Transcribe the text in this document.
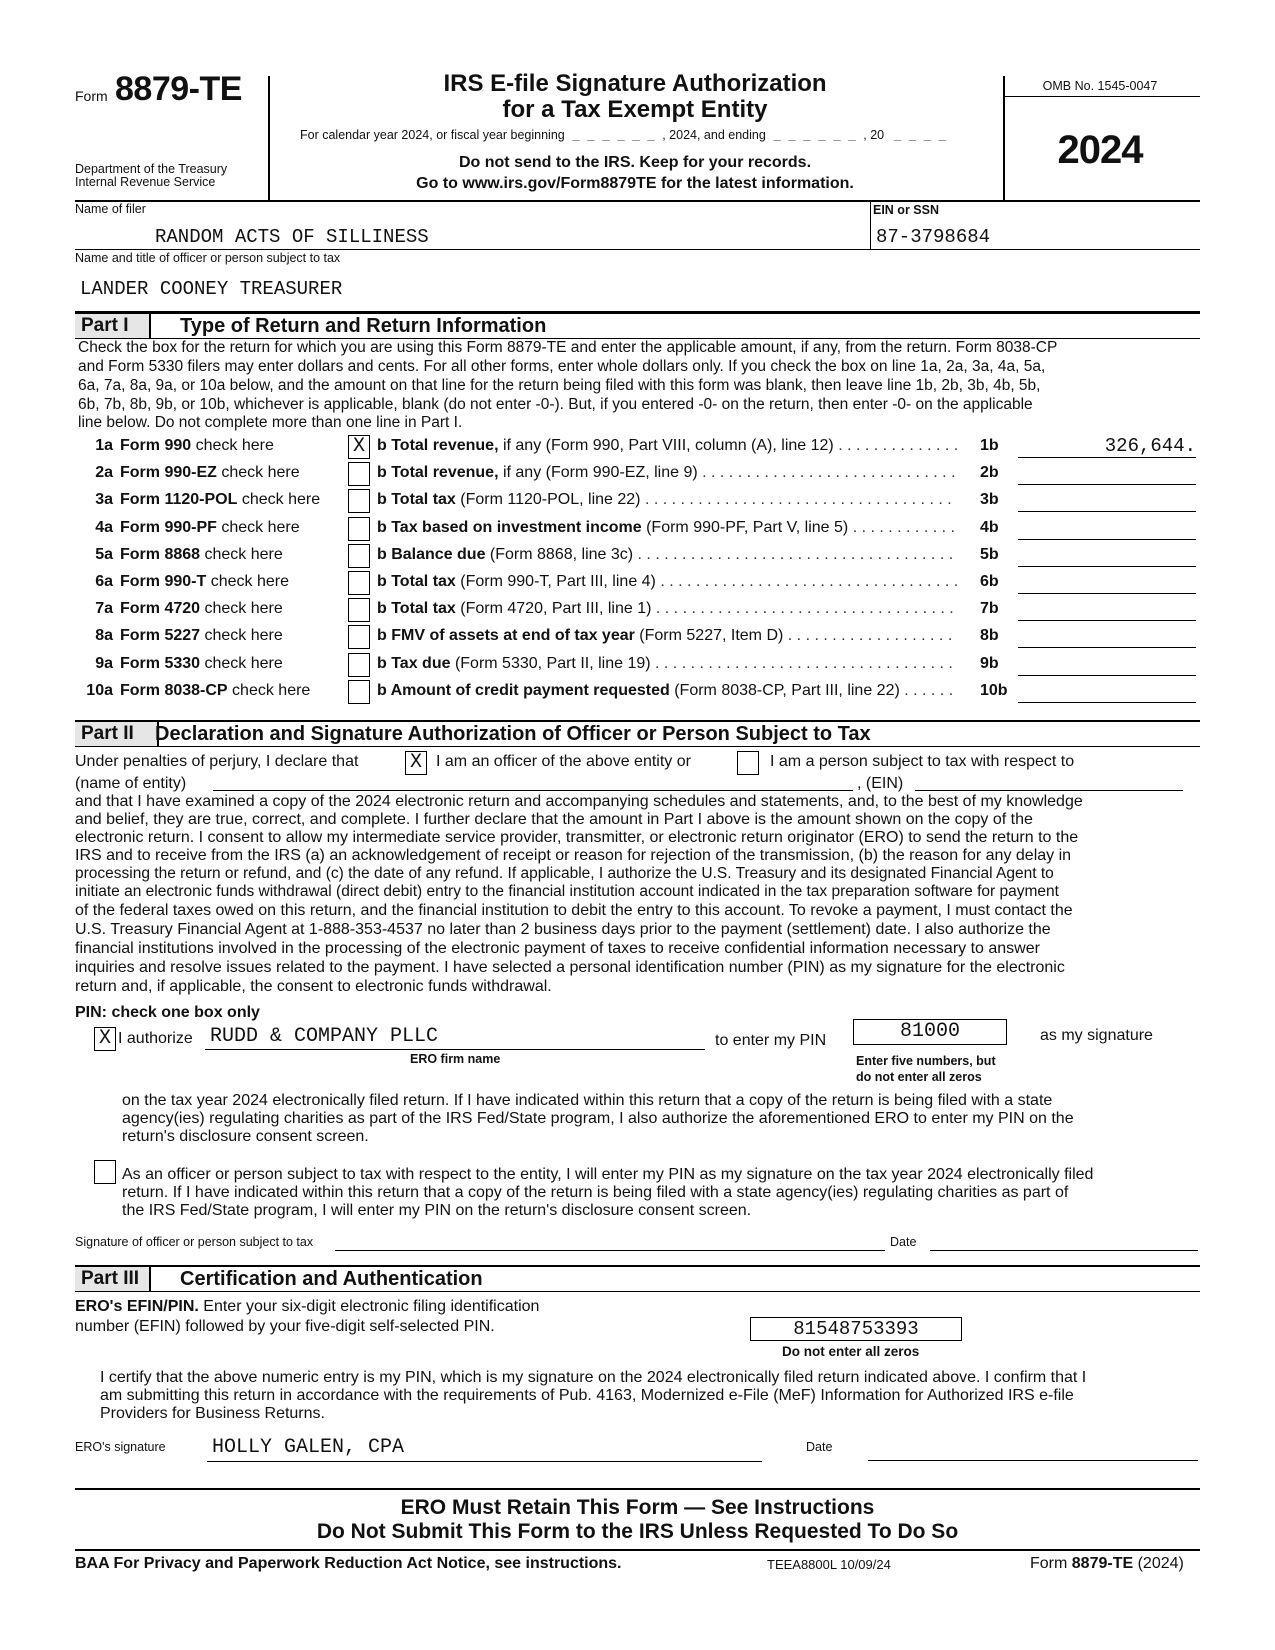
Form 8879-TE
Department of the Treasury
Internal Revenue Service
IRS E-file Signature Authorization
for a Tax Exempt Entity
For calendar year 2024, or fiscal year beginning _ _ _ _ _ _ , 2024, and ending _ _ _ _ _ _ , 20 _ _ _ _
Do not send to the IRS. Keep for your records.
Go to www.irs.gov/Form8879TE for the latest information.
OMB No. 1545-0047
2024
Name of filer
RANDOM ACTS OF SILLINESS
EIN or SSN
87-3798684
Name and title of officer or person subject to tax
LANDER COONEY TREASURER
Part I	Type of Return and Return Information
Check the box for the return for which you are using this Form 8879-TE and enter the applicable amount, if any, from the return. Form 8038-CP
and Form 5330 filers may enter dollars and cents. For all other forms, enter whole dollars only. If you check the box on line 1a, 2a, 3a, 4a, 5a,
6a, 7a, 8a, 9a, or 10a below, and the amount on that line for the return being filed with this form was blank, then leave line 1b, 2b, 3b, 4b, 5b,
6b, 7b, 8b, 9b, or 10b, whichever is applicable, blank (do not enter -0-). But, if you entered -0- on the return, then enter -0- on the applicable
line below. Do not complete more than one line in Part I.
1a Form 990 check here	X b Total revenue, if any (Form 990, Part VIII, column (A), line 12) . . .	1b	326,644.
2a Form 990-EZ check here	b Total revenue, if any (Form 990-EZ, line 9) . . .	2b
3a Form 1120-POL check here	b Total tax (Form 1120-POL, line 22) . . .	3b
4a Form 990-PF check here	b Tax based on investment income (Form 990-PF, Part V, line 5) . . .	4b
5a Form 8868 check here	b Balance due (Form 8868, line 3c) . . .	5b
6a Form 990-T check here	b Total tax (Form 990-T, Part III, line 4) . . .	6b
7a Form 4720 check here	b Total tax (Form 4720, Part III, line 1) . . .	7b
8a Form 5227 check here	b FMV of assets at end of tax year (Form 5227, Item D) . . .	8b
9a Form 5330 check here	b Tax due (Form 5330, Part II, line 19) . . .	9b
10a Form 8038-CP check here	b Amount of credit payment requested (Form 8038-CP, Part III, line 22) . . .	10b
Part II	Declaration and Signature Authorization of Officer or Person Subject to Tax
Under penalties of perjury, I declare that	X I am an officer of the above entity or	I am a person subject to tax with respect to
(name of entity)	, (EIN)
and that I have examined a copy of the 2024 electronic return and accompanying schedules and statements, and, to the best of my knowledge
and belief, they are true, correct, and complete. I further declare that the amount in Part I above is the amount shown on the copy of the
electronic return. I consent to allow my intermediate service provider, transmitter, or electronic return originator (ERO) to send the return to the
IRS and to receive from the IRS (a) an acknowledgement of receipt or reason for rejection of the transmission, (b) the reason for any delay in
processing the return or refund, and (c) the date of any refund. If applicable, I authorize the U.S. Treasury and its designated Financial Agent to
initiate an electronic funds withdrawal (direct debit) entry to the financial institution account indicated in the tax preparation software for payment
of the federal taxes owed on this return, and the financial institution to debit the entry to this account. To revoke a payment, I must contact the
U.S. Treasury Financial Agent at 1-888-353-4537 no later than 2 business days prior to the payment (settlement) date. I also authorize the
financial institutions involved in the processing of the electronic payment of taxes to receive confidential information necessary to answer
inquiries and resolve issues related to the payment. I have selected a personal identification number (PIN) as my signature for the electronic
return and, if applicable, the consent to electronic funds withdrawal.
PIN: check one box only
X I authorize RUDD & COMPANY PLLC
ERO firm name
to enter my PIN	81000	as my signature
Enter five numbers, but
do not enter all zeros
on the tax year 2024 electronically filed return. If I have indicated within this return that a copy of the return is being filed with a state
agency(ies) regulating charities as part of the IRS Fed/State program, I also authorize the aforementioned ERO to enter my PIN on the
return's disclosure consent screen.
As an officer or person subject to tax with respect to the entity, I will enter my PIN as my signature on the tax year 2024 electronically filed
return. If I have indicated within this return that a copy of the return is being filed with a state agency(ies) regulating charities as part of
the IRS Fed/State program, I will enter my PIN on the return's disclosure consent screen.
Signature of officer or person subject to tax	Date
Part III	Certification and Authentication
ERO's EFIN/PIN. Enter your six-digit electronic filing identification
number (EFIN) followed by your five-digit self-selected PIN.	81548753393
Do not enter all zeros
I certify that the above numeric entry is my PIN, which is my signature on the 2024 electronically filed return indicated above. I confirm that I
am submitting this return in accordance with the requirements of Pub. 4163, Modernized e-File (MeF) Information for Authorized IRS e-file
Providers for Business Returns.
ERO's signature HOLLY GALEN, CPA	Date
ERO Must Retain This Form — See Instructions
Do Not Submit This Form to the IRS Unless Requested To Do So
BAA For Privacy and Paperwork Reduction Act Notice, see instructions.	TEEA8800L 10/09/24	Form 8879-TE (2024)
